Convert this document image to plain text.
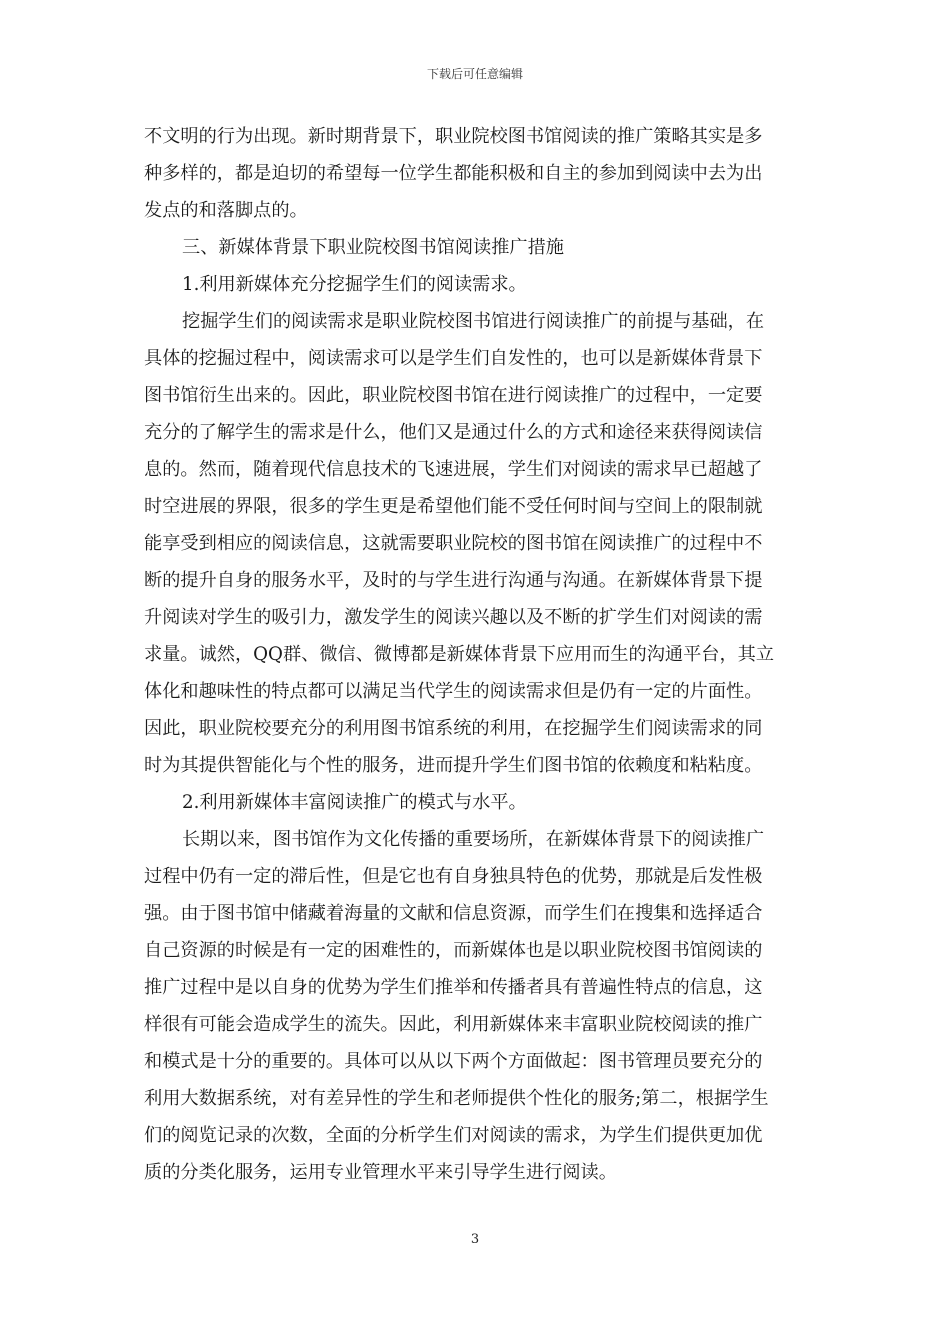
下载后可任意编辑
不文明的行为出现。新时期背景下，职业院校图书馆阅读的推广策略其实是多
种多样的，都是迫切的希望每一位学生都能积极和自主的参加到阅读中去为出
发点的和落脚点的。
三、新媒体背景下职业院校图书馆阅读推广措施
1.利用新媒体充分挖掘学生们的阅读需求。
挖掘学生们的阅读需求是职业院校图书馆进行阅读推广的前提与基础，在
具体的挖掘过程中，阅读需求可以是学生们自发性的，也可以是新媒体背景下
图书馆衍生出来的。因此，职业院校图书馆在进行阅读推广的过程中，一定要
充分的了解学生的需求是什么，他们又是通过什么的方式和途径来获得阅读信
息的。然而，随着现代信息技术的飞速进展，学生们对阅读的需求早已超越了
时空进展的界限，很多的学生更是希望他们能不受任何时间与空间上的限制就
能享受到相应的阅读信息，这就需要职业院校的图书馆在阅读推广的过程中不
断的提升自身的服务水平，及时的与学生进行沟通与沟通。在新媒体背景下提
升阅读对学生的吸引力，激发学生的阅读兴趣以及不断的扩学生们对阅读的需
求量。诚然，QQ群、微信、微博都是新媒体背景下应用而生的沟通平台，其立
体化和趣味性的特点都可以满足当代学生的阅读需求但是仍有一定的片面性。
因此，职业院校要充分的利用图书馆系统的利用，在挖掘学生们阅读需求的同
时为其提供智能化与个性的服务，进而提升学生们图书馆的依赖度和粘粘度。
2.利用新媒体丰富阅读推广的模式与水平。
长期以来，图书馆作为文化传播的重要场所，在新媒体背景下的阅读推广
过程中仍有一定的滞后性，但是它也有自身独具特色的优势，那就是后发性极
强。由于图书馆中储藏着海量的文献和信息资源，而学生们在搜集和选择适合
自己资源的时候是有一定的困难性的，而新媒体也是以职业院校图书馆阅读的
推广过程中是以自身的优势为学生们推举和传播者具有普遍性特点的信息，这
样很有可能会造成学生的流失。因此，利用新媒体来丰富职业院校阅读的推广
和模式是十分的重要的。具体可以从以下两个方面做起：图书管理员要充分的
利用大数据系统，对有差异性的学生和老师提供个性化的服务;第二，根据学生
们的阅览记录的次数，全面的分析学生们对阅读的需求，为学生们提供更加优
质的分类化服务，运用专业管理水平来引导学生进行阅读。
3
